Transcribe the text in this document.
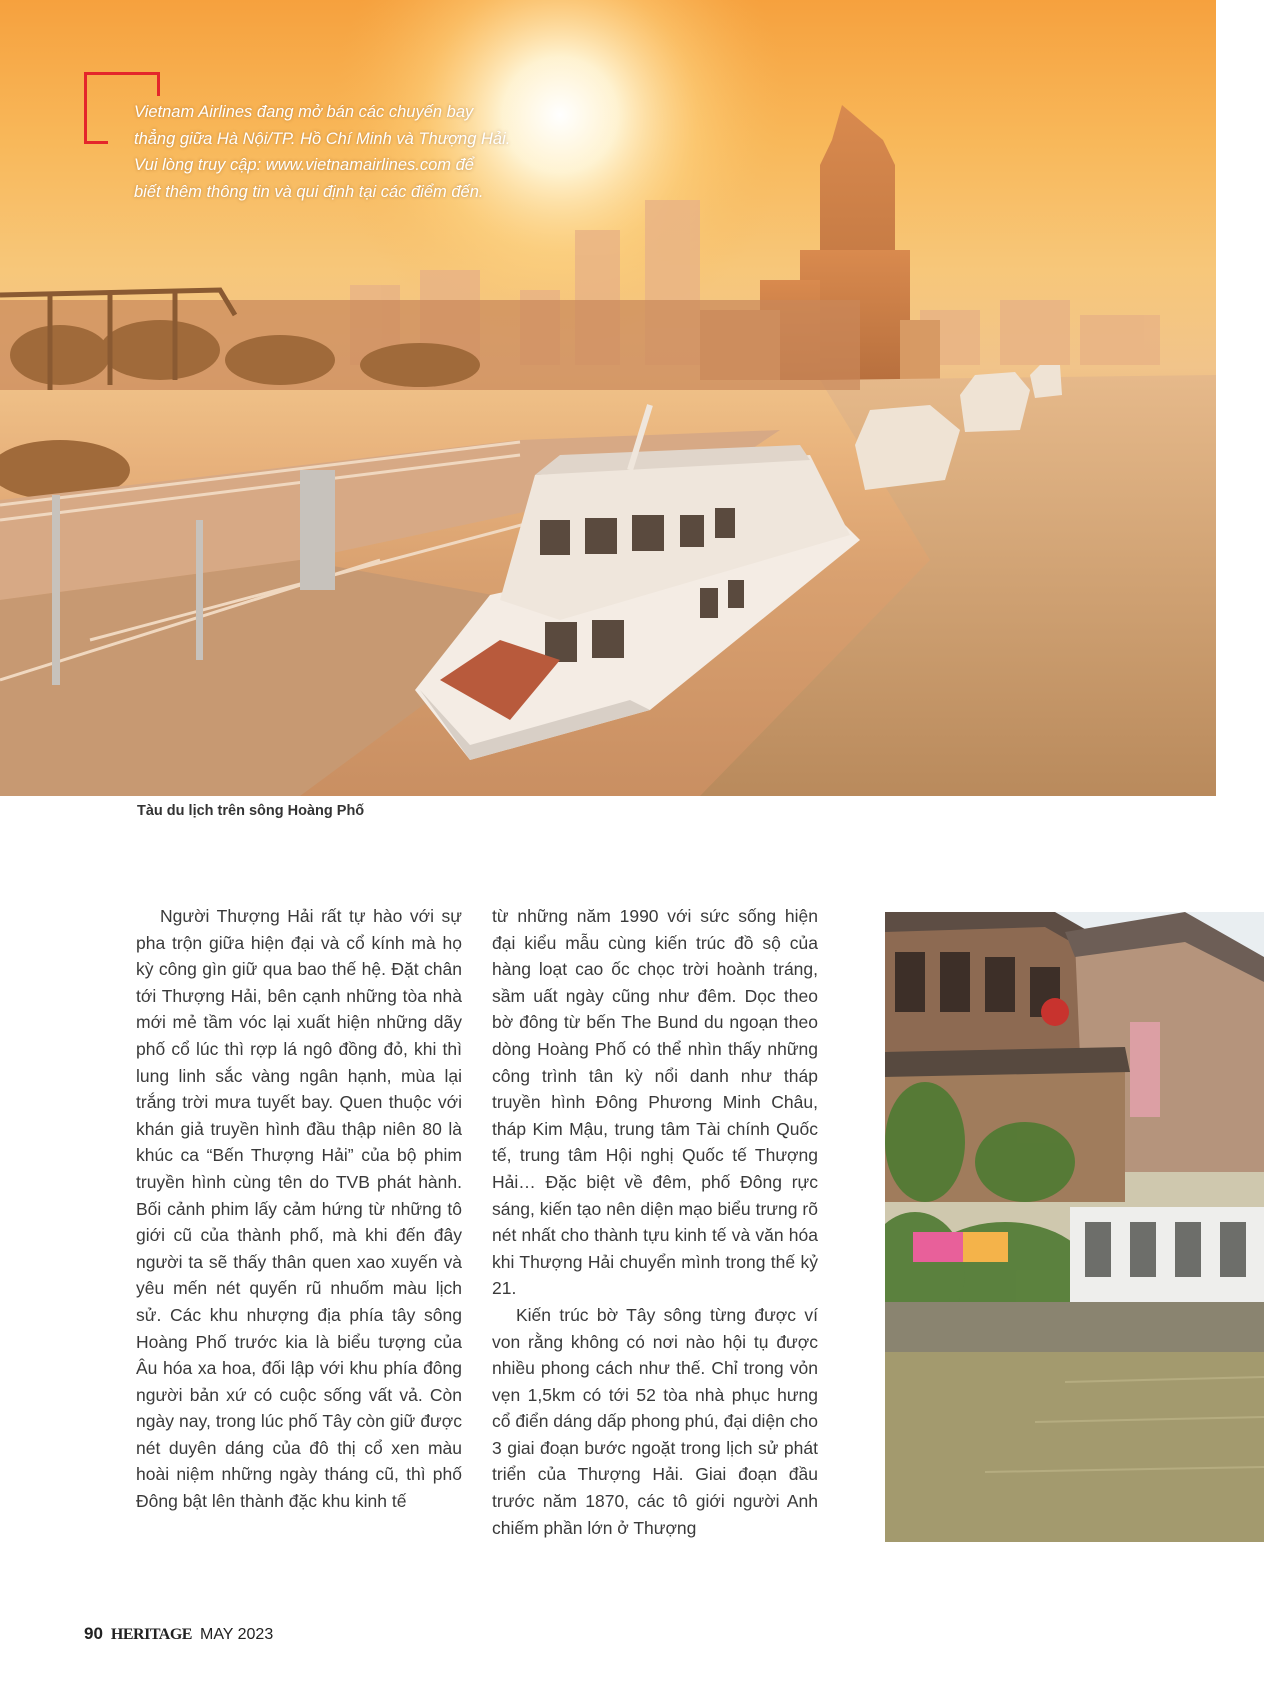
Vietnam Airlines đang mở bán các chuyến bay

thẳng giữa Hà Nội/TP. Hồ Chí Minh và Thượng Hải.

Vui lòng truy cập: www.vietnamairlines.com để

biết thêm thông tin và qui định tại các điểm đến.

Tàu du lịch trên sông Hoàng Phố

Người Thượng Hải rất tự hào với sự pha trộn giữa hiện đại và cổ kính mà họ kỳ công gìn giữ qua bao thế hệ. Đặt chân tới Thượng Hải, bên cạnh những tòa nhà mới mẻ tầm vóc lại xuất hiện những dãy phố cổ lúc thì rợp lá ngô đồng đỏ, khi thì lung linh sắc vàng ngân hạnh, mùa lại trắng trời mưa tuyết bay. Quen thuộc với khán giả truyền hình đầu thập niên 80 là khúc ca “Bến Thượng Hải” của bộ phim truyền hình cùng tên do TVB phát hành. Bối cảnh phim lấy cảm hứng từ những tô giới cũ của thành phố, mà khi đến đây người ta sẽ thấy thân quen xao xuyến và yêu mến nét quyến rũ nhuốm màu lịch sử. Các khu nhượng địa phía tây sông Hoàng Phố trước kia là biểu tượng của Âu hóa xa hoa, đối lập với khu phía đông người bản xứ có cuộc sống vất vả. Còn ngày nay, trong lúc phố Tây còn giữ được nét duyên dáng của đô thị cổ xen màu hoài niệm những ngày tháng cũ, thì phố Đông bật lên thành đặc khu kinh tế

từ những năm 1990 với sức sống hiện đại kiểu mẫu cùng kiến trúc đồ sộ của hàng loạt cao ốc chọc trời hoành tráng, sầm uất ngày cũng như đêm. Dọc theo bờ đông từ bến The Bund du ngoạn theo dòng Hoàng Phố có thể nhìn thấy những công trình tân kỳ nổi danh như tháp truyền hình Đông Phương Minh Châu, tháp Kim Mậu, trung tâm Tài chính Quốc tế, trung tâm Hội nghị Quốc tế Thượng Hải… Đặc biệt về đêm, phố Đông rực sáng, kiến tạo nên diện mạo biểu trưng rõ nét nhất cho thành tựu kinh tế và văn hóa khi Thượng Hải chuyển mình trong thế kỷ 21.

Kiến trúc bờ Tây sông từng được ví von rằng không có nơi nào hội tụ được nhiều phong cách như thế. Chỉ trong vỏn vẹn 1,5km có tới 52 tòa nhà phục hưng cổ điển dáng dấp phong phú, đại diện cho 3 giai đoạn bước ngoặt trong lịch sử phát triển của Thượng Hải. Giai đoạn đầu trước năm 1870, các tô giới người Anh chiếm phần lớn ở Thượng

90 HERITAGE MAY 2023
